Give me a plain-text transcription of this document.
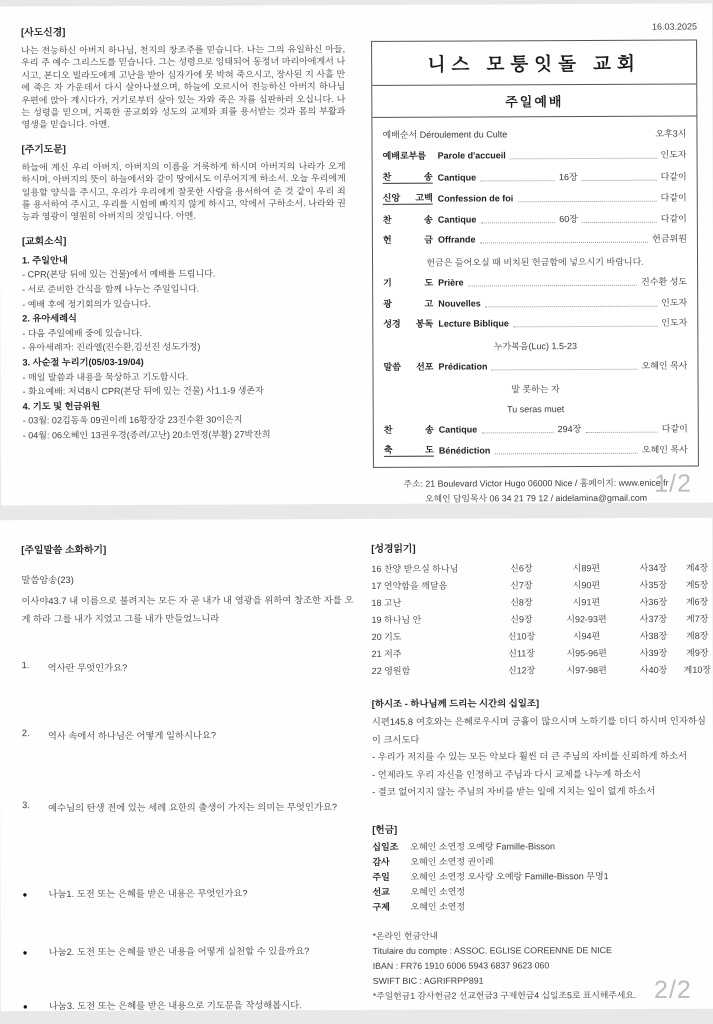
[사도신경]
나는 전능하신 아버지 하나님, 천지의 창조주를 믿습니다. 나는 그의 유일하신 아들, 우리 주 예수 그리스도를 믿습니다. 그는 성령으로 잉태되어 동정녀 마리아에게서 나시고, 본디오 빌라도에게 고난을 받아 십자가에 못 박혀 죽으시고, 장사된 지 사흘 만에 죽은 자 가운데서 다시 살아나셨으며, 하늘에 오르시어 전능하신 아버지 하나님 우편에 앉아 계시다가, 거기로부터 살아 있는 자와 죽은 자를 심판하러 오십니다. 나는 성령을 믿으며, 거룩한 공교회와 성도의 교제와 죄를 용서받는 것과 몸의 부활과 영생을 믿습니다. 아멘.
[주기도문]
하늘에 계신 우리 아버지, 아버지의 이름을 거룩하게 하시며 아버지의 나라가 오게 하시며, 아버지의 뜻이 하늘에서와 같이 땅에서도 이루어지게 하소서. 오늘 우리에게 일용할 양식을 주시고, 우리가 우리에게 잘못한 사람을 용서하여 준 것 같이 우리 죄를 용서하여 주시고, 우리를 시험에 빠지지 않게 하시고, 악에서 구하소서. 나라와 권능과 영광이 영원히 아버지의 것입니다. 아멘.
[교회소식]
1. 주일안내
- CPR(본당 뒤에 있는 건물)에서 예배를 드립니다.
- 서로 준비한 간식을 함께 나누는 주일입니다.
- 예배 후에 정기회의가 있습니다.
2. 유아세례식
- 다음 주일예배 중에 있습니다.
- 유아세례자: 진라엘(진수환,김선진 성도가정)
3. 사순절 누리기(05/03-19/04)
- 매일 말씀과 내용을 묵상하고 기도합시다.
- 화요예배: 저녁8시 CPR(본당 뒤에 있는 건물) 사1.1-9 생존자
4. 기도 및 헌금위원
- 03월: 02김동욱 09권이레 16황장강 23진수환 30이은지
- 04월: 06오혜인 13권우경(종려/고난) 20소연정(부활) 27박잔희
16.03.2025
니스 모퉁잇돌 교회
주일예배
예배순서 Déroulement du Culte	오후3시
예배로부름	Parole d'accueil	인도자
찬 송 Cantique	16장	다같이
신앙 고백 Confession de foi	다같이
찬 송 Cantique	60장	다같이
헌 금 Offrande	헌금위원
헌금은 들어오실 때 비치된 헌금함에 넣으시기 바랍니다.
기 도 Prière	진수환 성도
광 고 Nouvelles	인도자
성경 봉독 Lecture Biblique	인도자
누가복음(Luc) 1.5-23
말씀 선포 Prédication	오혜인 목사
말 못하는 자
Tu seras muet
찬 송 Cantique	294장	다같이
축 도 Bénédiction	오혜인 목사
주소: 21 Boulevard Victor Hugo 06000 Nice / 홈페이지: www.enice.fr
오혜인 담임목사 06 34 21 79 12 / aidelamina@gmail.com
1/2
[주일말씀 소화하기]
말씀암송(23)
이사야43.7 내 이름으로 불려지는 모든 자 곧 내가 내 영광을 위하여 창조한 자를 오게 하라 그를 내가 지었고 그를 내가 만들었느니라
1.	역사란 무엇인가요?
2.	역사 속에서 하나님은 어떻게 일하시나요?
3.	예수님의 탄생 전에 있는 세례 요한의 출생이 가지는 의미는 무엇인가요?
●	나눔1. 도전 또는 은혜를 받은 내용은 무엇인가요?
●	나눔2. 도전 또는 은혜를 받은 내용을 어떻게 실천할 수 있을까요?
●	나눔3. 도전 또는 은혜를 받은 내용으로 기도문을 작성해봅시다.
[성경읽기]
16 찬양 받으실 하나님	신6장	시89편	사34장	계4장
17 연약함을 깨달음	신7장	시90편	사35장	계5장
18 고난	신8장	시91편	사36장	계6장
19 하나님 안	신9장	시92-93편	사37장	계7장
20 기도	신10장	시94편	사38장	계8장
21 저주	신11장	시95-96편	사39장	계9장
22 영원함	신12장	시97-98편	사40장	계10장
[하시조 - 하나님께 드리는 시간의 십일조]
시편145.8 여호와는 은혜로우시며 긍휼이 많으시며 노하기를 더디 하시며 인자하심이 크시도다
- 우리가 저지를 수 있는 모든 악보다 훨씬 더 큰 주님의 자비를 신뢰하게 하소서
- 언제라도 우리 자신을 인정하고 주님과 다시 교제를 나누게 하소서
- 결코 없어지지 않는 주님의 자비를 받는 일에 지치는 일이 없게 하소서
[헌금]
십일조	오혜인 소연정 오예랑 Famille-Bisson
감사	오혜인 소연정 권이레
주일	오혜인 소연정 오사랑 오예랑 Famille-Bisson 무명1
선교	오혜인 소연정
구제	오혜인 소연정
*온라인 헌금안내
Titulaire du compte : ASSOC. EGLISE COREENNE DE NICE
IBAN : FR76 1910 6006 5943 6837 9623 060
SWIFT BIC : AGRIFRPP891
*주일헌금1 감사헌금2 선교헌금3 구제헌금4 십일조5로 표시해주세요. 2/2
